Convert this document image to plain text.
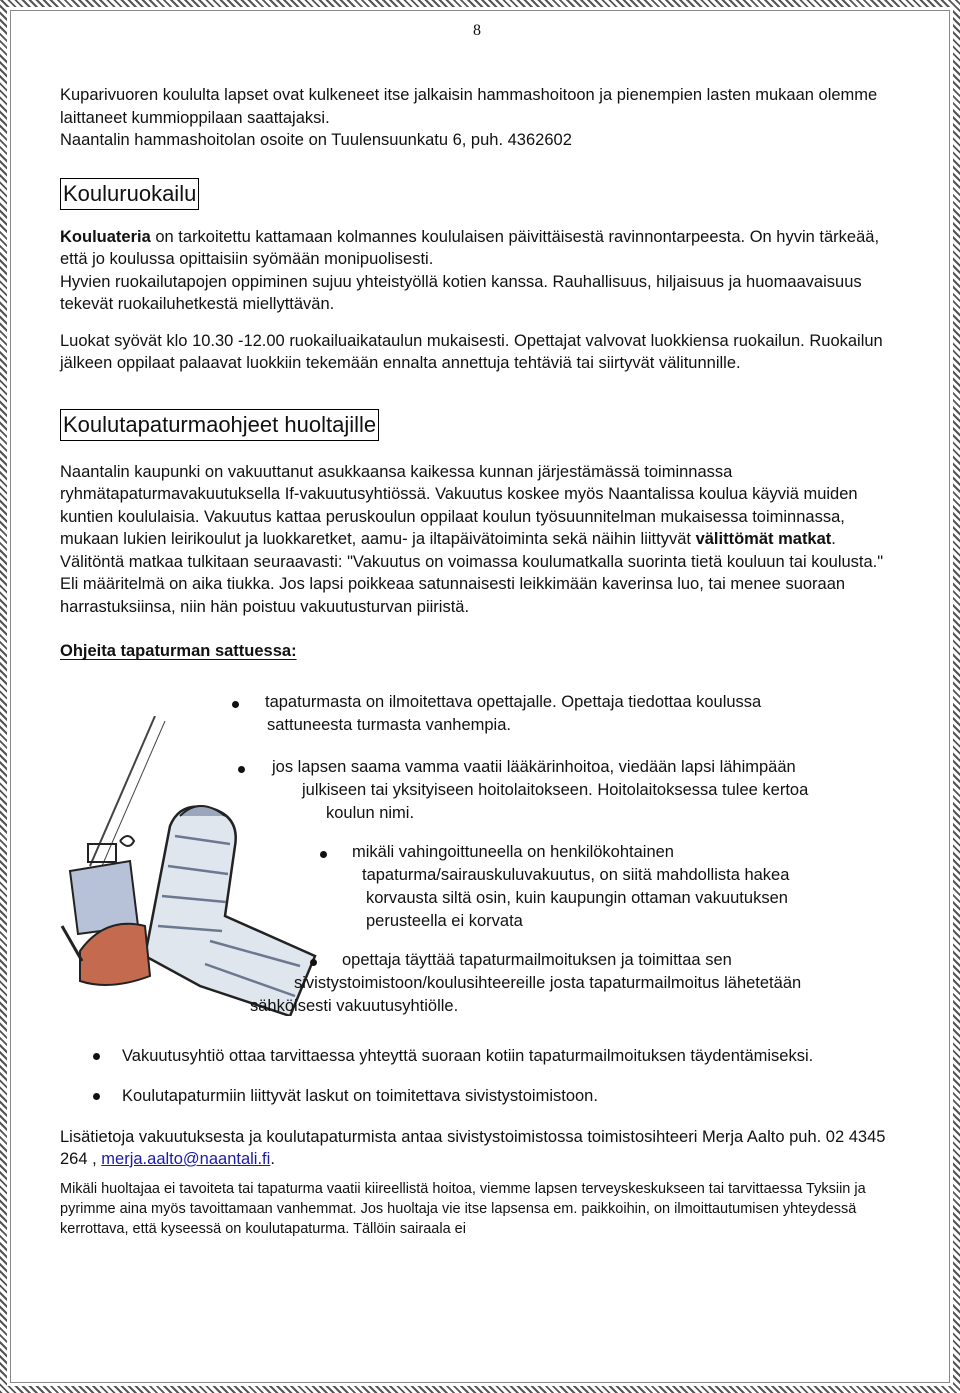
8

Kuparivuoren koululta lapset ovat kulkeneet itse jalkaisin hammashoitoon ja pienempien lasten mukaan olemme laittaneet kummioppilaan saattajaksi.

Naantalin hammashoitolan osoite on Tuulensuunkatu 6, puh. 4362602

Kouluruokailu

Kouluateria on tarkoitettu kattamaan kolmannes koululaisen päivittäisestä ravinnontarpeesta. On hyvin tärkeää, että jo koulussa opittaisiin syömään monipuolisesti.

Hyvien ruokailutapojen oppiminen sujuu yhteistyöllä kotien kanssa. Rauhallisuus, hiljaisuus ja huomaavaisuus tekevät ruokailuhetkestä miellyttävän.

Luokat syövät klo 10.30 -12.00 ruokailuaikataulun mukaisesti. Opettajat valvovat luokkiensa ruokailun. Ruokailun jälkeen oppilaat palaavat luokkiin tekemään ennalta annettuja tehtäviä tai siirtyvät välitunnille.

Koulutapaturmaohjeet huoltajille

Naantalin kaupunki on vakuuttanut asukkaansa kaikessa kunnan järjestämässä toiminnassa ryhmätapaturmavakuutuksella If-vakuutusyhtiössä. Vakuutus koskee myös Naantalissa koulua käyviä muiden kuntien koululaisia. Vakuutus kattaa peruskoulun oppilaat koulun työsuunnitelman mukaisessa toiminnassa, mukaan lukien leirikoulut ja luokkaretket, aamu- ja iltapäivätoiminta sekä näihin liittyvät välittömät matkat. Välitöntä matkaa tulkitaan seuraavasti: "Vakuutus on voimassa koulumatkalla suorinta tietä kouluun tai koulusta." Eli määritelmä on aika tiukka. Jos lapsi poikkeaa satunnaisesti leikkimään kaverinsa luo, tai menee suoraan harrastuksiinsa, niin hän poistuu vakuutusturvan piiristä.

Ohjeita tapaturman sattuessa:

tapaturmasta on ilmoitettava opettajalle. Opettaja tiedottaa koulussa
sattuneesta turmasta vanhempia.
jos lapsen saama vamma vaatii lääkärinhoitoa, viedään lapsi lähimpään
julkiseen tai yksityiseen hoitolaitokseen. Hoitolaitoksessa tulee kertoa
koulun nimi.
mikäli vahingoittuneella on henkilökohtainen
tapaturma/sairauskuluvakuutus, on siitä mahdollista hakea
korvausta siltä osin, kuin kaupungin ottaman vakuutuksen
perusteella ei korvata
opettaja täyttää tapaturmailmoituksen ja toimittaa sen
sivistystoimistoon/koulusihteereille josta tapaturmailmoitus lähetetään
sähköisesti vakuutusyhtiölle.
Vakuutusyhtiö ottaa tarvittaessa yhteyttä suoraan kotiin tapaturmailmoituksen täydentämiseksi.
Koulutapaturmiin liittyvät laskut on toimitettava sivistystoimistoon.

Lisätietoja vakuutuksesta ja koulutapaturmista antaa sivistystoimistossa toimistosihteeri Merja Aalto puh. 02 4345 264 , merja.aalto@naantali.fi.

Mikäli huoltajaa ei tavoiteta tai tapaturma vaatii kiireellistä hoitoa, viemme lapsen terveyskeskukseen tai tarvittaessa Tyksiin ja pyrimme aina myös tavoittamaan vanhemmat. Jos huoltaja vie itse lapsensa em. paikkoihin, on ilmoittautumisen yhteydessä kerrottava, että kyseessä on koulutapaturma. Tällöin sairaala ei
